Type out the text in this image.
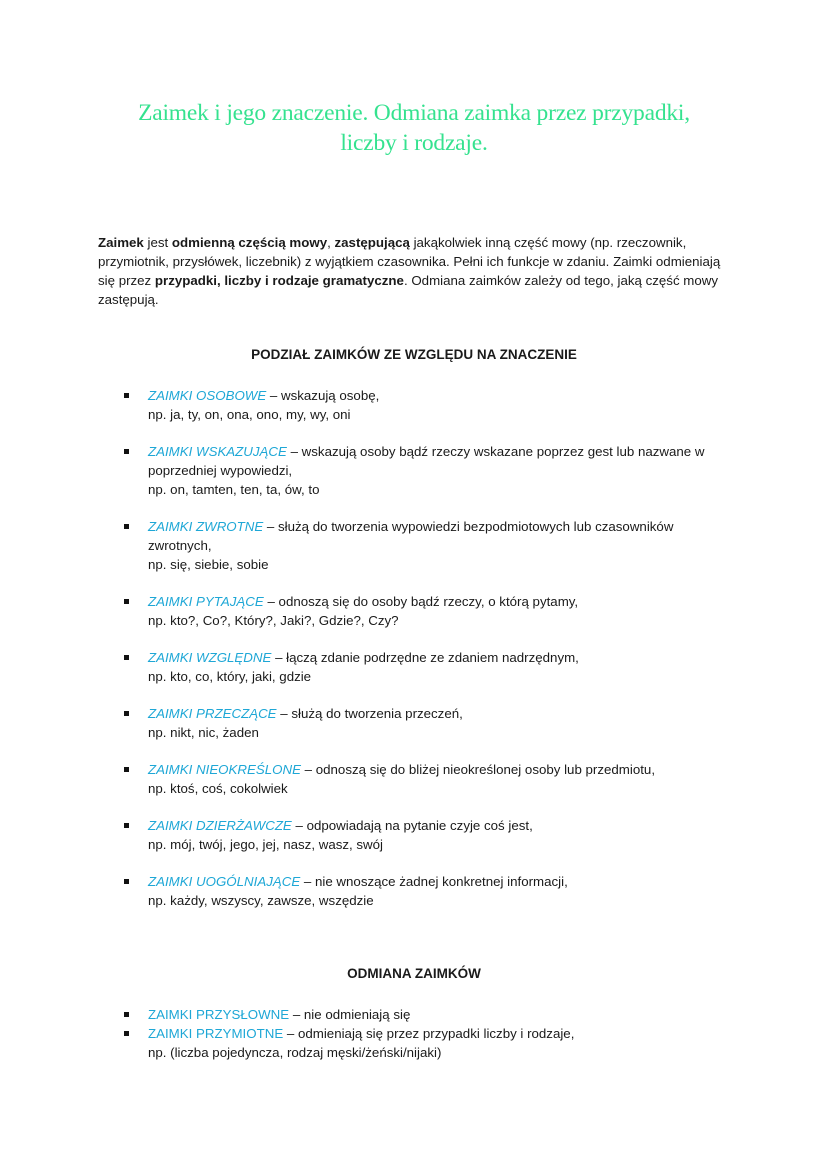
Zaimek i jego znaczenie. Odmiana zaimka przez przypadki,
liczby i rodzaje.
Zaimek jest odmienną częścią mowy, zastępującą jakąkolwiek inną część mowy (np. rzeczownik, przymiotnik, przysłówek, liczebnik) z wyjątkiem czasownika. Pełni ich funkcje w zdaniu. Zaimki odmieniają się przez przypadki, liczby i rodzaje gramatyczne. Odmiana zaimków zależy od tego, jaką część mowy zastępują.
PODZIAŁ ZAIMKÓW ZE WZGLĘDU NA ZNACZENIE
ZAIMKI OSOBOWE – wskazują osobę,
np. ja, ty, on, ona, ono, my, wy, oni
ZAIMKI WSKAZUJĄCE – wskazują osoby bądź rzeczy wskazane poprzez gest lub nazwane w
poprzedniej wypowiedzi,
np. on, tamten, ten, ta, ów, to
ZAIMKI ZWROTNE – służą do tworzenia wypowiedzi bezpodmiotowych lub czasowników
zwrotnych,
np. się, siebie, sobie
ZAIMKI PYTAJĄCE – odnoszą się do osoby bądź rzeczy, o którą pytamy,
np. kto?, Co?, Który?, Jaki?, Gdzie?, Czy?
ZAIMKI WZGLĘDNE – łączą zdanie podrzędne ze zdaniem nadrzędnym,
np. kto, co, który, jaki, gdzie
ZAIMKI PRZECZĄCE – służą do tworzenia przeczeń,
np. nikt, nic, żaden
ZAIMKI NIEOKREŚLONE – odnoszą się do bliżej nieokreślonej osoby lub przedmiotu,
np. ktoś, coś, cokolwiek
ZAIMKI DZIERŻAWCZE – odpowiadają na pytanie czyje coś jest,
np. mój, twój, jego, jej, nasz, wasz, swój
ZAIMKI UOGÓLNIAJĄCE – nie wnoszące żadnej konkretnej informacji,
np. każdy, wszyscy, zawsze, wszędzie
ODMIANA ZAIMKÓW
ZAIMKI PRZYSŁOWNE – nie odmieniają się
ZAIMKI PRZYMIOTNE – odmieniają się przez przypadki liczby i rodzaje,
np. (liczba pojedyncza, rodzaj męski/żeński/nijaki)
